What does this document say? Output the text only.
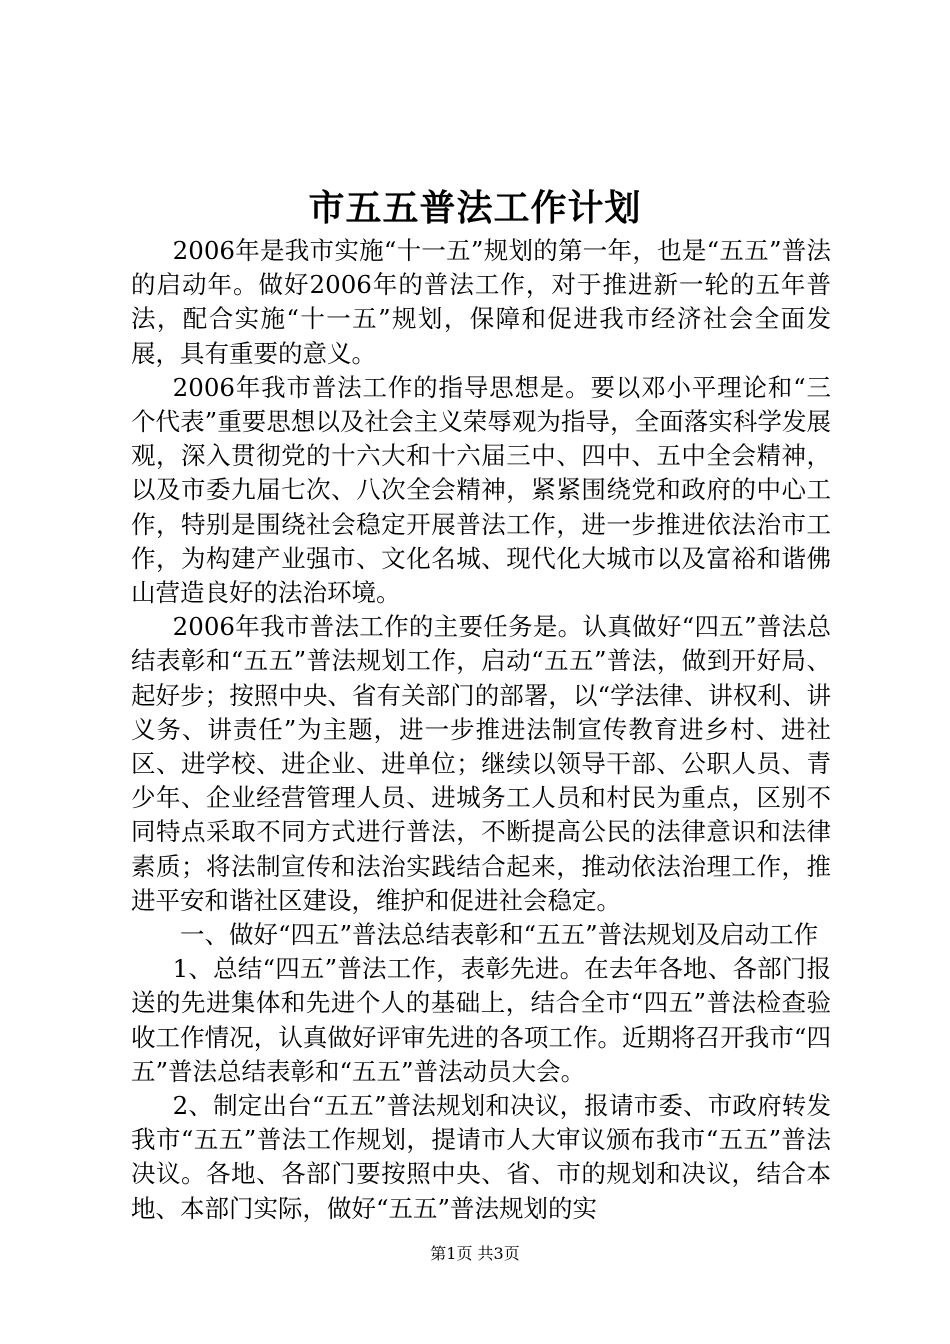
市五五普法工作计划

2006年是我市实施“十一五”规划的第一年，也是“五五”普法的启动年。做好2006年的普法工作，对于推进新一轮的五年普法，配合实施“十一五”规划，保障和促进我市经济社会全面发展，具有重要的意义。

2006年我市普法工作的指导思想是。要以邓小平理论和“三个代表”重要思想以及社会主义荣辱观为指导，全面落实科学发展观，深入贯彻党的十六大和十六届三中、四中、五中全会精神，以及市委九届七次、八次全会精神，紧紧围绕党和政府的中心工作，特别是围绕社会稳定开展普法工作，进一步推进依法治市工作，为构建产业强市、文化名城、现代化大城市以及富裕和谐佛山营造良好的法治环境。

2006年我市普法工作的主要任务是。认真做好“四五”普法总结表彰和“五五”普法规划工作，启动“五五”普法，做到开好局、起好步；按照中央、省有关部门的部署，以“学法律、讲权利、讲义务、讲责任”为主题，进一步推进法制宣传教育进乡村、进社区、进学校、进企业、进单位；继续以领导干部、公职人员、青少年、企业经营管理人员、进城务工人员和村民为重点，区别不同特点采取不同方式进行普法，不断提高公民的法律意识和法律素质；将法制宣传和法治实践结合起来，推动依法治理工作，推进平安和谐社区建设，维护和促进社会稳定。

一、做好“四五”普法总结表彰和“五五”普法规划及启动工作

1、总结“四五”普法工作，表彰先进。在去年各地、各部门报送的先进集体和先进个人的基础上，结合全市“四五”普法检查验收工作情况，认真做好评审先进的各项工作。近期将召开我市“四五”普法总结表彰和“五五”普法动员大会。

2、制定出台“五五”普法规划和决议，报请市委、市政府转发我市“五五”普法工作规划，提请市人大审议颁布我市“五五”普法决议。各地、各部门要按照中央、省、市的规划和决议，结合本地、本部门实际，做好“五五”普法规划的实

第1页 共3页
